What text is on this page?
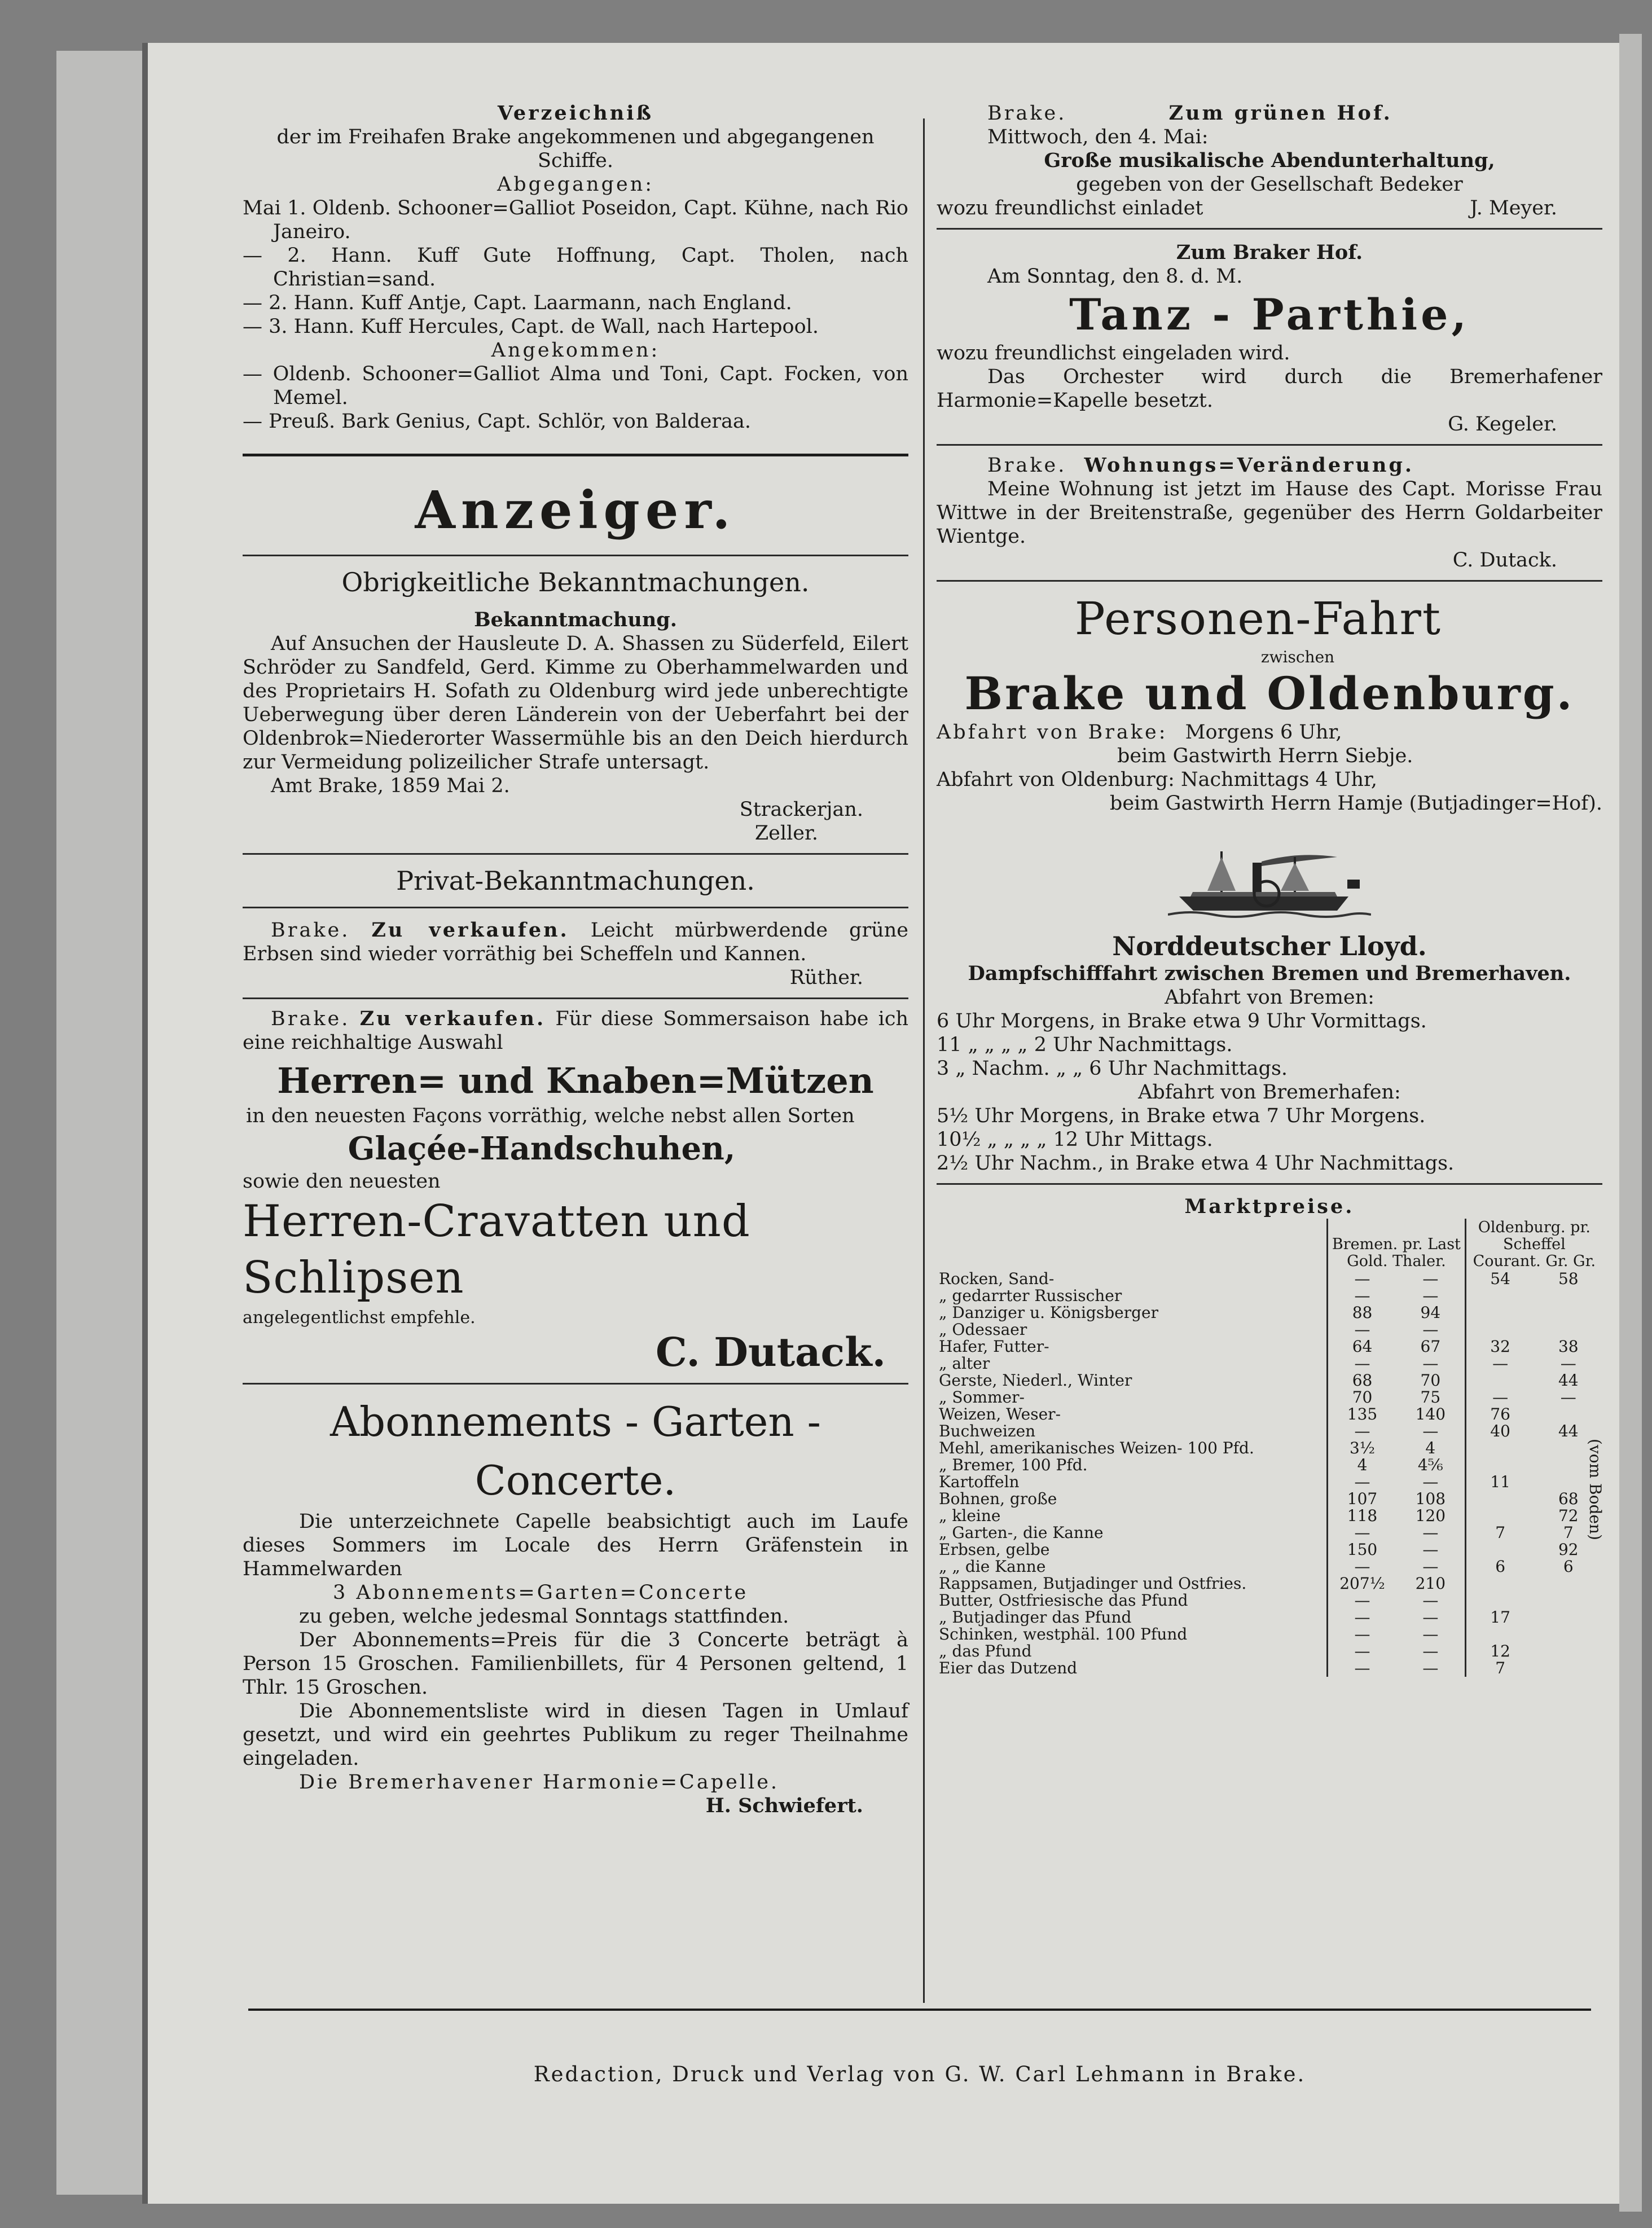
Verzeichniß
der im Freihafen Brake angekommenen und abgegangenen Schiffe.
Abgegangen:
Mai 1. Oldenb. Schooner=Galliot Poseidon, Capt. Kühne, nach Rio Janeiro.
— 2. Hann. Kuff Gute Hoffnung, Capt. Tholen, nach Christian=sand.
— 2. Hann. Kuff Antje, Capt. Laarmann, nach England.
— 3. Hann. Kuff Hercules, Capt. de Wall, nach Hartepool.
Angekommen:
— Oldenb. Schooner=Galliot Alma und Toni, Capt. Focken, von Memel.
— Preuß. Bark Genius, Capt. Schlör, von Balderaa.
Anzeiger.
Obrigkeitliche Bekanntmachungen.
Bekanntmachung.
Auf Ansuchen der Hausleute D. A. Shassen zu Süderfeld, Eilert Schröder zu Sandfeld, Gerd. Kimme zu Oberhammelwarden und des Proprietairs H. Sofath zu Oldenburg wird jede unberechtigte Ueberwegung über deren Länderein von der Ueberfahrt bei der Oldenbrok=Niederorter Wassermühle bis an den Deich hierdurch zur Vermeidung polizeilicher Strafe untersagt.
Amt Brake, 1859 Mai 2.
Strackerjan.
Zeller.
Privat-Bekanntmachungen.
Brake. Zu verkaufen. Leicht mürbwerdende grüne Erbsen sind wieder vorräthig bei Scheffeln und Kannen.
Rüther.
Brake. Zu verkaufen. Für diese Sommersaison habe ich eine reichhaltige Auswahl
Herren= und Knaben=Mützen
in den neuesten Façons vorräthig, welche nebst allen Sorten
Glaçée-Handschuhen,
sowie den neuesten
Herren-Cravatten und Schlipsen
angelegentlichst empfehle.
C. Dutack.
Abonnements - Garten - Concerte.
Die unterzeichnete Capelle beabsichtigt auch im Laufe dieses Sommers im Locale des Herrn Gräfenstein in Hammelwarden
3 Abonnements=Garten=Concerte
zu geben, welche jedesmal Sonntags stattfinden.
Der Abonnements=Preis für die 3 Concerte beträgt à Person 15 Groschen. Familienbillets, für 4 Personen geltend, 1 Thlr. 15 Groschen.
Die Abonnementsliste wird in diesen Tagen in Umlauf gesetzt, und wird ein geehrtes Publikum zu reger Theilnahme eingeladen.
Die Bremerhavener Harmonie=Capelle.
H. Schwiefert.
Brake.	Zum grünen Hof.
Mittwoch, den 4. Mai:
Große musikalische Abendunterhaltung,
gegeben von der Gesellschaft Bedeker
wozu freundlichst einladet	J. Meyer.
Zum Braker Hof.
Am Sonntag, den 8. d. M.
Tanz - Parthie,
wozu freundlichst eingeladen wird.
Das Orchester wird durch die Bremerhafener Harmonie=Kapelle besetzt.
G. Kegeler.
Brake. Wohnungs=Veränderung.
Meine Wohnung ist jetzt im Hause des Capt. Morisse Frau Wittwe in der Breitenstraße, gegenüber des Herrn Goldarbeiter Wientge.
C. Dutack.
Personen-Fahrt
zwischen
Brake und Oldenburg.
Abfahrt von Brake: Morgens 6 Uhr,
beim Gastwirth Herrn Siebje.
Abfahrt von Oldenburg: Nachmittags 4 Uhr,
beim Gastwirth Herrn Hamje (Butjadinger=Hof).
Norddeutscher Lloyd.
Dampfschifffahrt zwischen Bremen und Bremerhaven.
Abfahrt von Bremen:
6 Uhr Morgens, in Brake etwa 9 Uhr Vormittags.
11 „ „ „ „ 2 Uhr Nachmittags.
3 „ Nachm. „ „ 6 Uhr Nachmittags.
Abfahrt von Bremerhafen:
5½ Uhr Morgens, in Brake etwa 7 Uhr Morgens.
10½ „ „ „ „ 12 Uhr Mittags.
2½ Uhr Nachm., in Brake etwa 4 Uhr Nachmittags.
Marktpreise.
	Bremen. pr. Last Gold. Thaler.		Oldenburg. pr. Scheffel Courant. Gr. Gr.	
Rocken, Sand-	—	—	54	58
„ gedarrter Russischer	—	—		
„ Danziger u. Königsberger	88	94		
„ Odessaer	—	—		
Hafer, Futter-	64	67	32	38
„ alter	—	—	—	—
Gerste, Niederl., Winter	68	70		44
„ Sommer-	70	75	—	—
Weizen, Weser-	135	140	76	
Buchweizen	—	—	40	44
Mehl, amerikanisches Weizen- 100 Pfd.	3½	4		
„ Bremer, 100 Pfd.	4	4⁵⁄₆		
Kartoffeln	—	—	11	
Bohnen, große	107	108		68
„ kleine	118	120		72
„ Garten-, die Kanne	—	—	7	7
Erbsen, gelbe	150	—		92
„ „ die Kanne	—	—	6	6
Rappsamen, Butjadinger und Ostfries.	207½	210		
Butter, Ostfriesische das Pfund	—	—		
„ Butjadinger das Pfund	—	—	17	
Schinken, westphäl. 100 Pfund	—	—		
„ das Pfund	—	—	12	
Eier das Dutzend	—	—	7	
(vom Boden)
Redaction, Druck und Verlag von G. W. Carl Lehmann in Brake.
